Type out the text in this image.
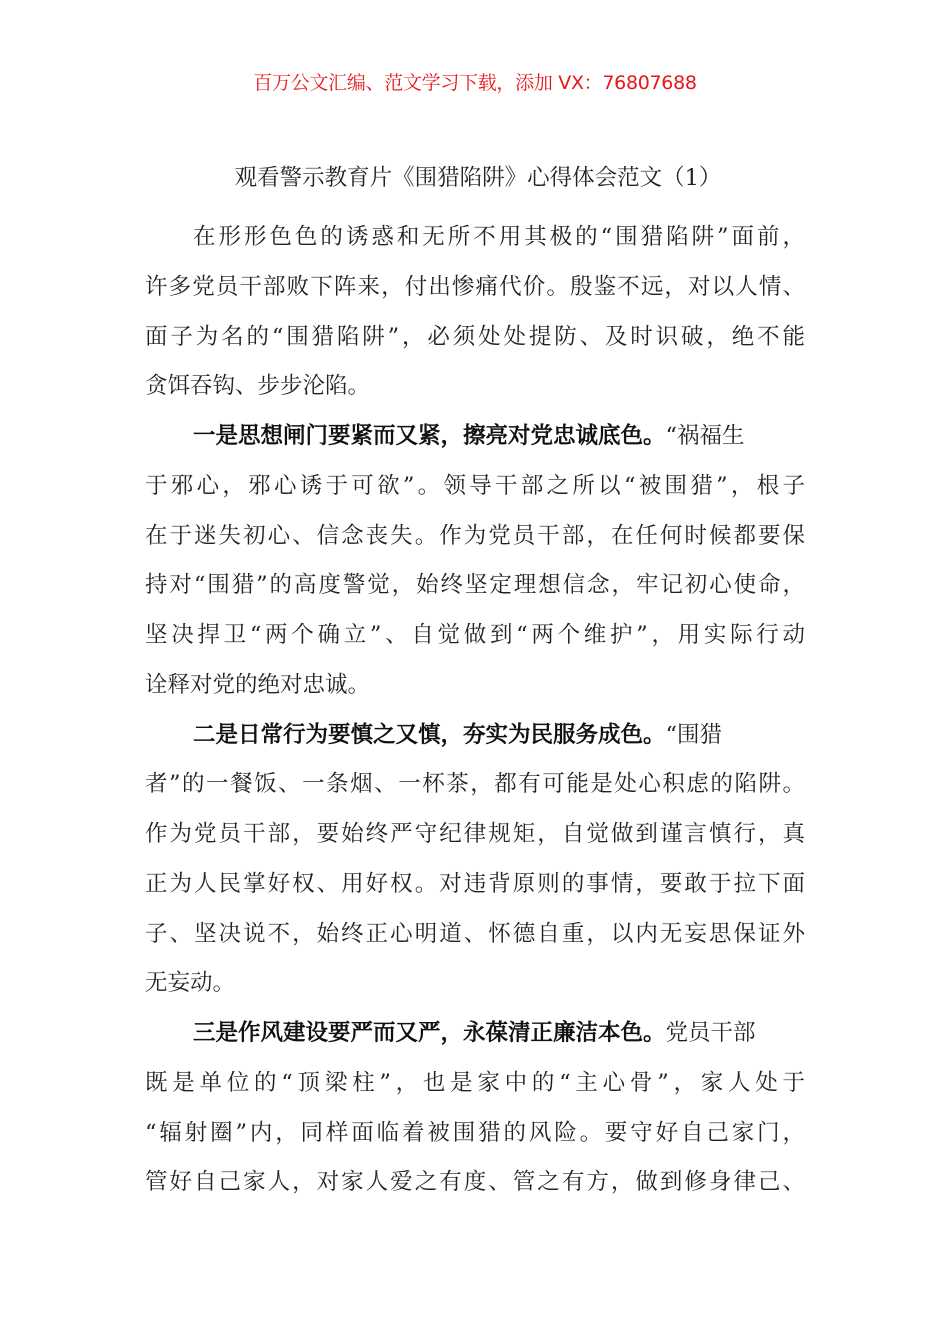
百万公文汇编、范文学习下载，添加 VX：76807688
观看警示教育片《围猎陷阱》心得体会范文（1）
在形形色色的诱惑和无所不用其极的“围猎陷阱”面前，
许多党员干部败下阵来，付出惨痛代价。殷鉴不远，对以人情、
面子为名的“围猎陷阱”，必须处处提防、及时识破，绝不能
贪饵吞钩、步步沦陷。
一是思想闸门要紧而又紧，擦亮对党忠诚底色。“祸福生
于邪心，邪心诱于可欲”。领导干部之所以“被围猎”，根子
在于迷失初心、信念丧失。作为党员干部，在任何时候都要保
持对“围猎”的高度警觉，始终坚定理想信念，牢记初心使命，
坚决捍卫“两个确立”、自觉做到“两个维护”，用实际行动
诠释对党的绝对忠诚。
二是日常行为要慎之又慎，夯实为民服务成色。“围猎
者”的一餐饭、一条烟、一杯茶，都有可能是处心积虑的陷阱。
作为党员干部，要始终严守纪律规矩，自觉做到谨言慎行，真
正为人民掌好权、用好权。对违背原则的事情，要敢于拉下面
子、坚决说不，始终正心明道、怀德自重，以内无妄思保证外
无妄动。
三是作风建设要严而又严，永葆清正廉洁本色。党员干部
既是单位的“顶梁柱”，也是家中的“主心骨”，家人处于
“辐射圈”内，同样面临着被围猎的风险。要守好自己家门，
管好自己家人，对家人爱之有度、管之有方，做到修身律己、
